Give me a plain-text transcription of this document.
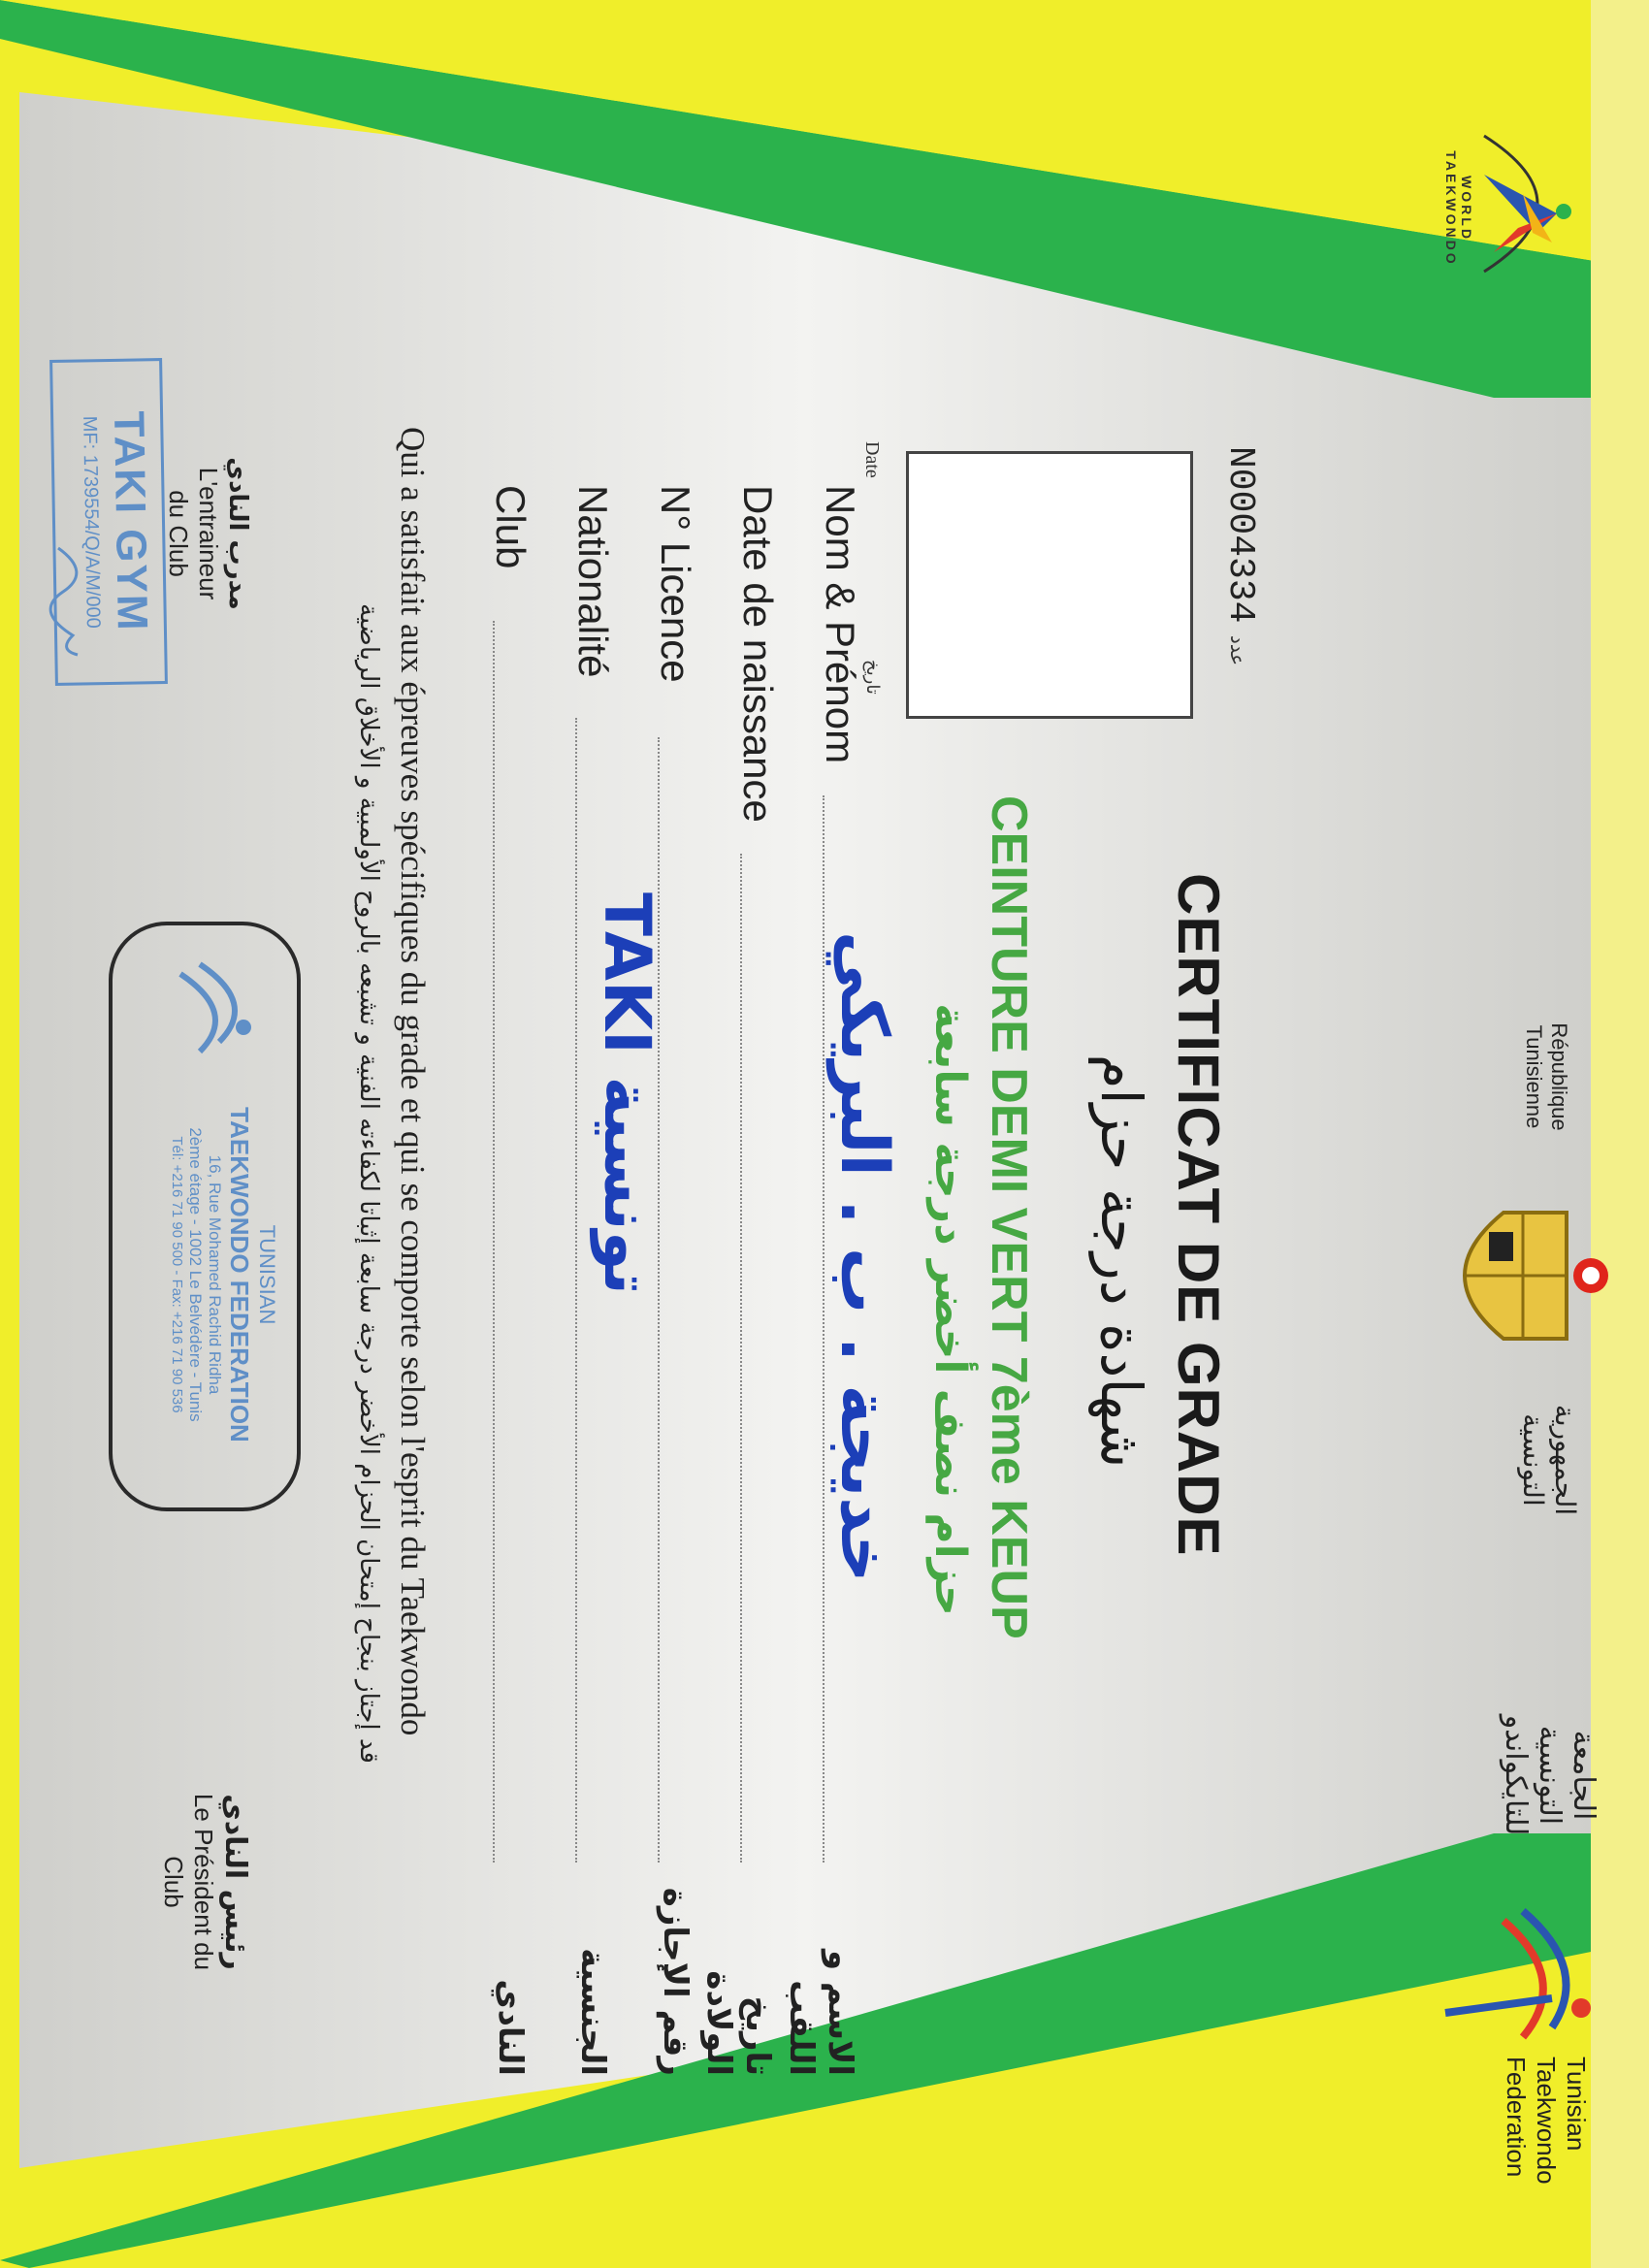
WORLD TAEKWONDO
République
Tunisienne
الجمهورية
التونسية
الجامعة
التونسية
للتايكواندو
Tunisian
Taekwondo
Federation
CERTIFICAT DE GRADE
شهادة درجة حزام
N0004334 عدد
Date
تاريخ
CEINTURE DEMI VERT 7ème KEUP
حزام نصف أخضر درجة سابعة
Nom & Prénom
خديجة . ب . البريكي
الاسم و اللقب
Date de naissance
تاريخ الولادة
N° Licence
رقم الإجازة
Nationalité
TAKI تونسية
الجنسية
Club
النادي
Qui a satisfait aux épreuves spécifiques du grade et qui se comporte selon l'esprit du Taekwondo
قد إجتاز بنجاح إمتحان الحزام الأخضر درجة سابعة إثباتا لكفاءته الفنية و تشبعه بالروح الأولمبية و الأخلاق الرياضية
مدرب النادي
L'entraineur
du Club
TAKI GYM
MF: 1739554/Q/A/M/000
TUNISIAN
TAEKWONDO FEDERATION
16, Rue Mohamed Rachid Ridha
2ème étage - 1002 Le Belvédère - Tunis
Tél: +216 71 90 500 - Fax: +216 71 90 536
رئيس النادي
Le Président du
Club
